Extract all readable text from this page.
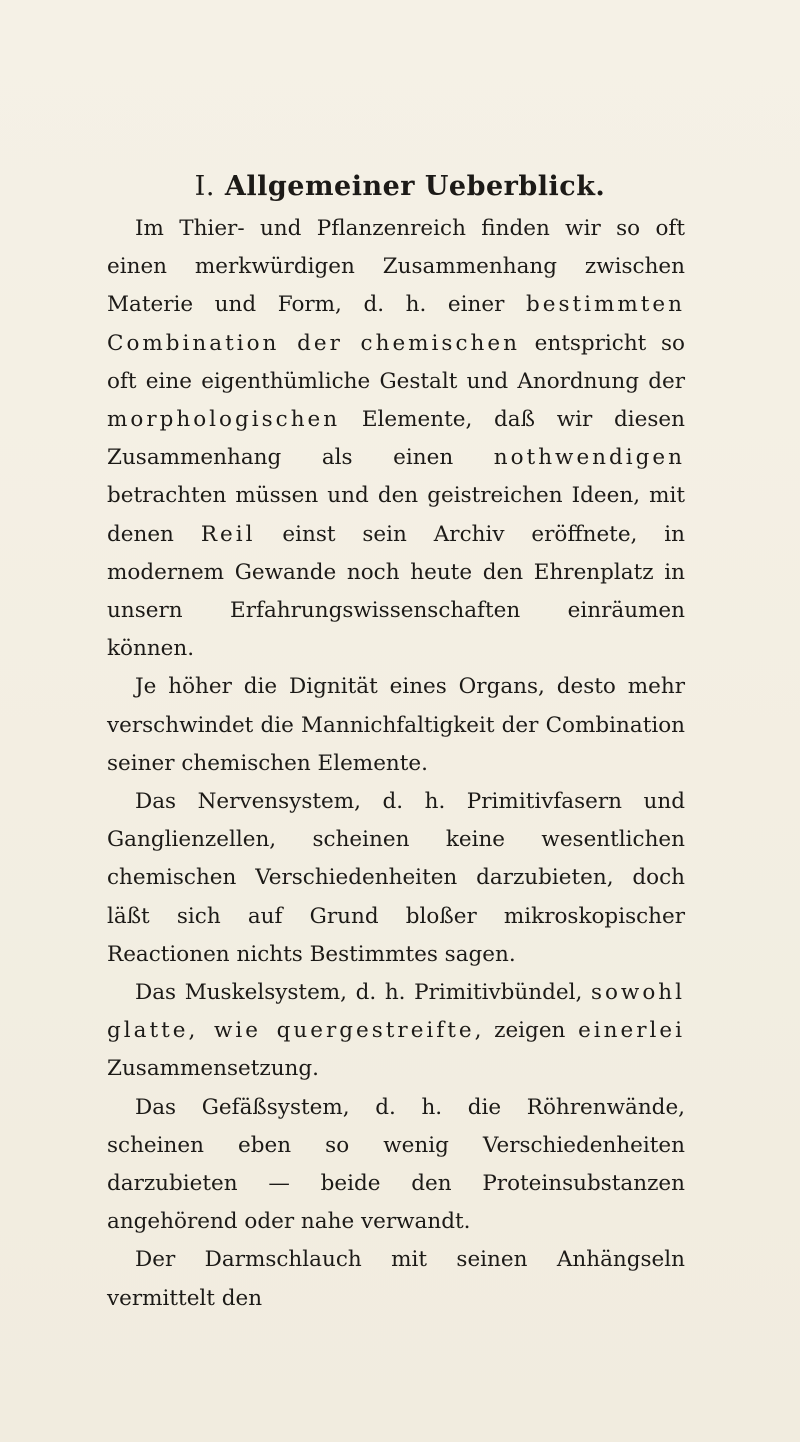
I. Allgemeiner Ueberblick.

Im Thier- und Pflanzenreich finden wir so oft einen merkwürdigen Zusammenhang zwischen Materie und Form, d. h. einer bestimmten Combination der chemischen entspricht so oft eine eigenthümliche Gestalt und Anordnung der morphologischen Elemente, daß wir diesen Zusammenhang als einen nothwendigen betrachten müssen und den geistreichen Ideen, mit denen Reil einst sein Archiv eröffnete, in modernem Gewande noch heute den Ehrenplatz in unsern Erfahrungswissenschaften einräumen können.

Je höher die Dignität eines Organs, desto mehr verschwindet die Mannichfaltigkeit der Combination seiner chemischen Elemente.

Das Nervensystem, d. h. Primitivfasern und Ganglienzellen, scheinen keine wesentlichen chemischen Verschiedenheiten darzubieten, doch läßt sich auf Grund bloßer mikroskopischer Reactionen nichts Bestimmtes sagen.

Das Muskelsystem, d. h. Primitivbündel, sowohl glatte, wie quergestreifte, zeigen einerlei Zusammensetzung.

Das Gefäßsystem, d. h. die Röhrenwände, scheinen eben so wenig Verschiedenheiten darzubieten — beide den Proteinsubstanzen angehörend oder nahe verwandt.

Der Darmschlauch mit seinen Anhängseln vermittelt den
